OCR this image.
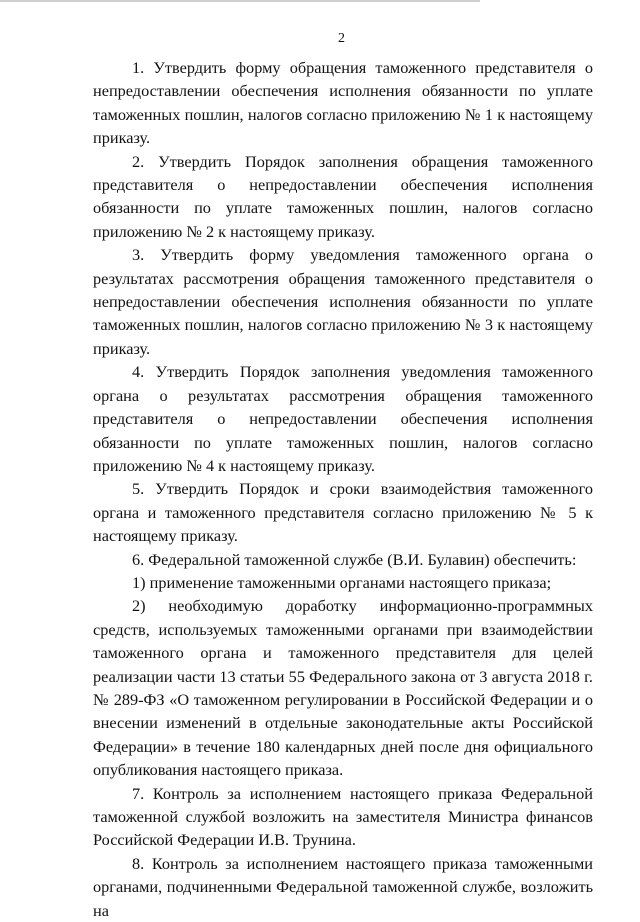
2

1. Утвердить форму обращения таможенного представителя о непредоставлении обеспечения исполнения обязанности по уплате таможенных пошлин, налогов согласно приложению № 1 к настоящему приказу.

2. Утвердить Порядок заполнения обращения таможенного представителя о непредоставлении обеспечения исполнения обязанности по уплате таможенных пошлин, налогов согласно приложению № 2 к настоящему приказу.

3. Утвердить форму уведомления таможенного органа о результатах рассмотрения обращения таможенного представителя о непредоставлении обеспечения исполнения обязанности по уплате таможенных пошлин, налогов согласно приложению № 3 к настоящему приказу.

4. Утвердить Порядок заполнения уведомления таможенного органа о результатах рассмотрения обращения таможенного представителя о непредоставлении обеспечения исполнения обязанности по уплате таможенных пошлин, налогов согласно приложению № 4 к настоящему приказу.

5. Утвердить Порядок и сроки взаимодействия таможенного органа и таможенного представителя согласно приложению № 5 к настоящему приказу.

6. Федеральной таможенной службе (В.И. Булавин) обеспечить:

1) применение таможенными органами настоящего приказа;

2) необходимую доработку информационно-программных средств, используемых таможенными органами при взаимодействии таможенного органа и таможенного представителя для целей реализации части 13 статьи 55 Федерального закона от 3 августа 2018 г. № 289-ФЗ «О таможенном регулировании в Российской Федерации и о внесении изменений в отдельные законодательные акты Российской Федерации» в течение 180 календарных дней после дня официального опубликования настоящего приказа.

7. Контроль за исполнением настоящего приказа Федеральной таможенной службой возложить на заместителя Министра финансов Российской Федерации И.В. Трунина.

8. Контроль за исполнением настоящего приказа таможенными органами, подчиненными Федеральной таможенной службе, возложить на
